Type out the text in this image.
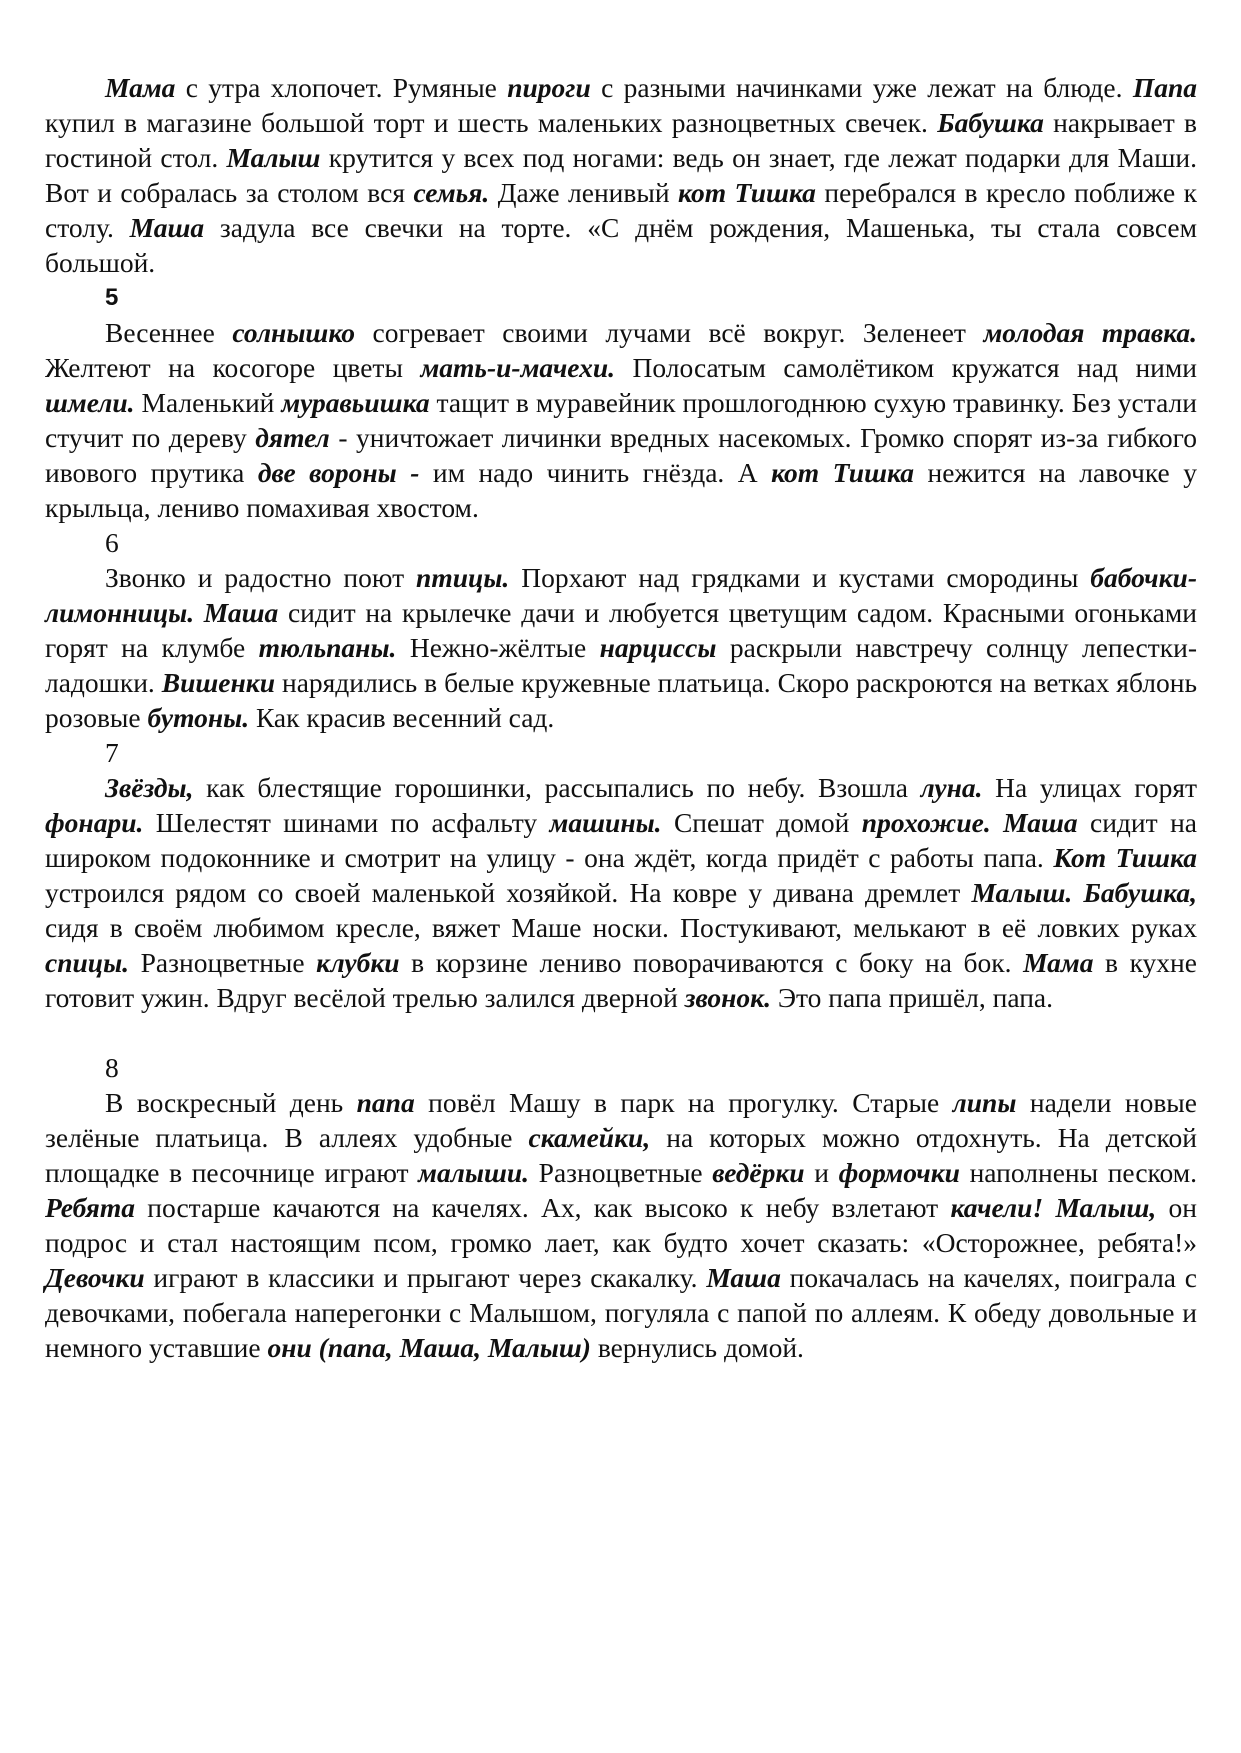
Мама с утра хлопочет. Румяные пироги с разными начинками уже лежат на блюде. Папа купил в магазине большой торт и шесть маленьких разноцветных свечек. Бабушка накрывает в гостиной стол. Малыш крутится у всех под ногами: ведь он знает, где лежат подарки для Маши. Вот и собралась за столом вся семья. Даже ленивый кот Тишка перебрался в кресло поближе к столу. Маша задула все свечки на торте. «С днём рождения, Машенька, ты стала совсем большой.

5

Весеннее солнышко согревает своими лучами всё вокруг. Зеленеет молодая травка. Желтеют на косогоре цветы мать-и-мачехи. Полосатым самолётиком кружатся над ними шмели. Маленький муравьишка тащит в муравейник прошлогоднюю сухую травинку. Без устали стучит по дереву дятел - уничтожает личинки вредных насекомых. Громко спорят из-за гибкого ивового прутика две вороны - им надо чинить гнёзда. А кот Тишка нежится на лавочке у крыльца, лениво помахивая хвостом.

6

Звонко и радостно поют птицы. Порхают над грядками и кустами смородины бабочки-лимонницы. Маша сидит на крылечке дачи и любуется цветущим садом. Красными огоньками горят на клумбе тюльпаны. Нежно-жёлтые нарциссы раскрыли навстречу солнцу лепестки-ладошки. Вишенки нарядились в белые кружевные платьица. Скоро раскроются на ветках яблонь розовые бутоны. Как красив весенний сад.

7

Звёзды, как блестящие горошинки, рассыпались по небу. Взошла луна. На улицах горят фонари. Шелестят шинами по асфальту машины. Спешат домой прохожие. Маша сидит на широком подоконнике и смотрит на улицу - она ждёт, когда придёт с работы папа. Кот Тишка устроился рядом со своей маленькой хозяйкой. На ковре у дивана дремлет Малыш. Бабушка, сидя в своём любимом кресле, вяжет Маше носки. Постукивают, мелькают в её ловких руках спицы. Разноцветные клубки в корзине лениво поворачиваются с боку на бок. Мама в кухне готовит ужин. Вдруг весёлой трелью залился дверной звонок. Это папа пришёл, папа.

8

В воскресный день папа повёл Машу в парк на прогулку. Старые липы надели новые зелёные платьица. В аллеях удобные скамейки, на которых можно отдохнуть. На детской площадке в песочнице играют малыши. Разноцветные ведёрки и формочки наполнены песком. Ребята постарше качаются на качелях. Ах, как высоко к небу взлетают качели! Малыш, он подрос и стал настоящим псом, громко лает, как будто хочет сказать: «Осторожнее, ребята!» Девочки играют в классики и прыгают через скакалку. Маша покачалась на качелях, поиграла с девочками, побегала наперегонки с Малышом, погуляла с папой по аллеям. К обеду довольные и немного уставшие они (папа, Маша, Малыш) вернулись домой.
